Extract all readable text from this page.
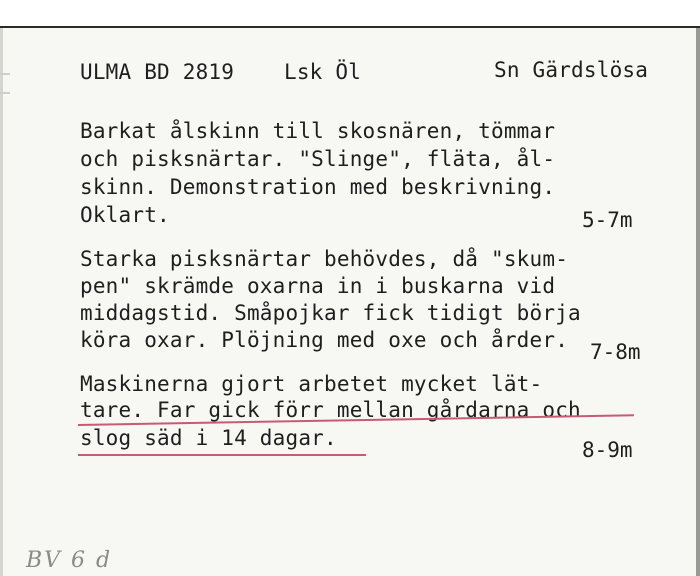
ULMA BD 2819 Lsk Öl	Sn Gärdslösa
Barkat ålskinn till skosnären, tömmar
och pisksnärtar. "Slinge", fläta, ål-
skinn. Demonstration med beskrivning.
Oklart.	5-7m
Starka pisksnärtar behövdes, då "skum-
pen" skrämde oxarna in i buskarna vid
middagstid. Småpojkar fick tidigt börja
köra oxar. Plöjning med oxe och årder. 7-8m
Maskinerna gjort arbetet mycket lät-
tare. Far gick förr mellan gårdarna och
slog säd i 14 dagar.	8-9m
BV 6 d
